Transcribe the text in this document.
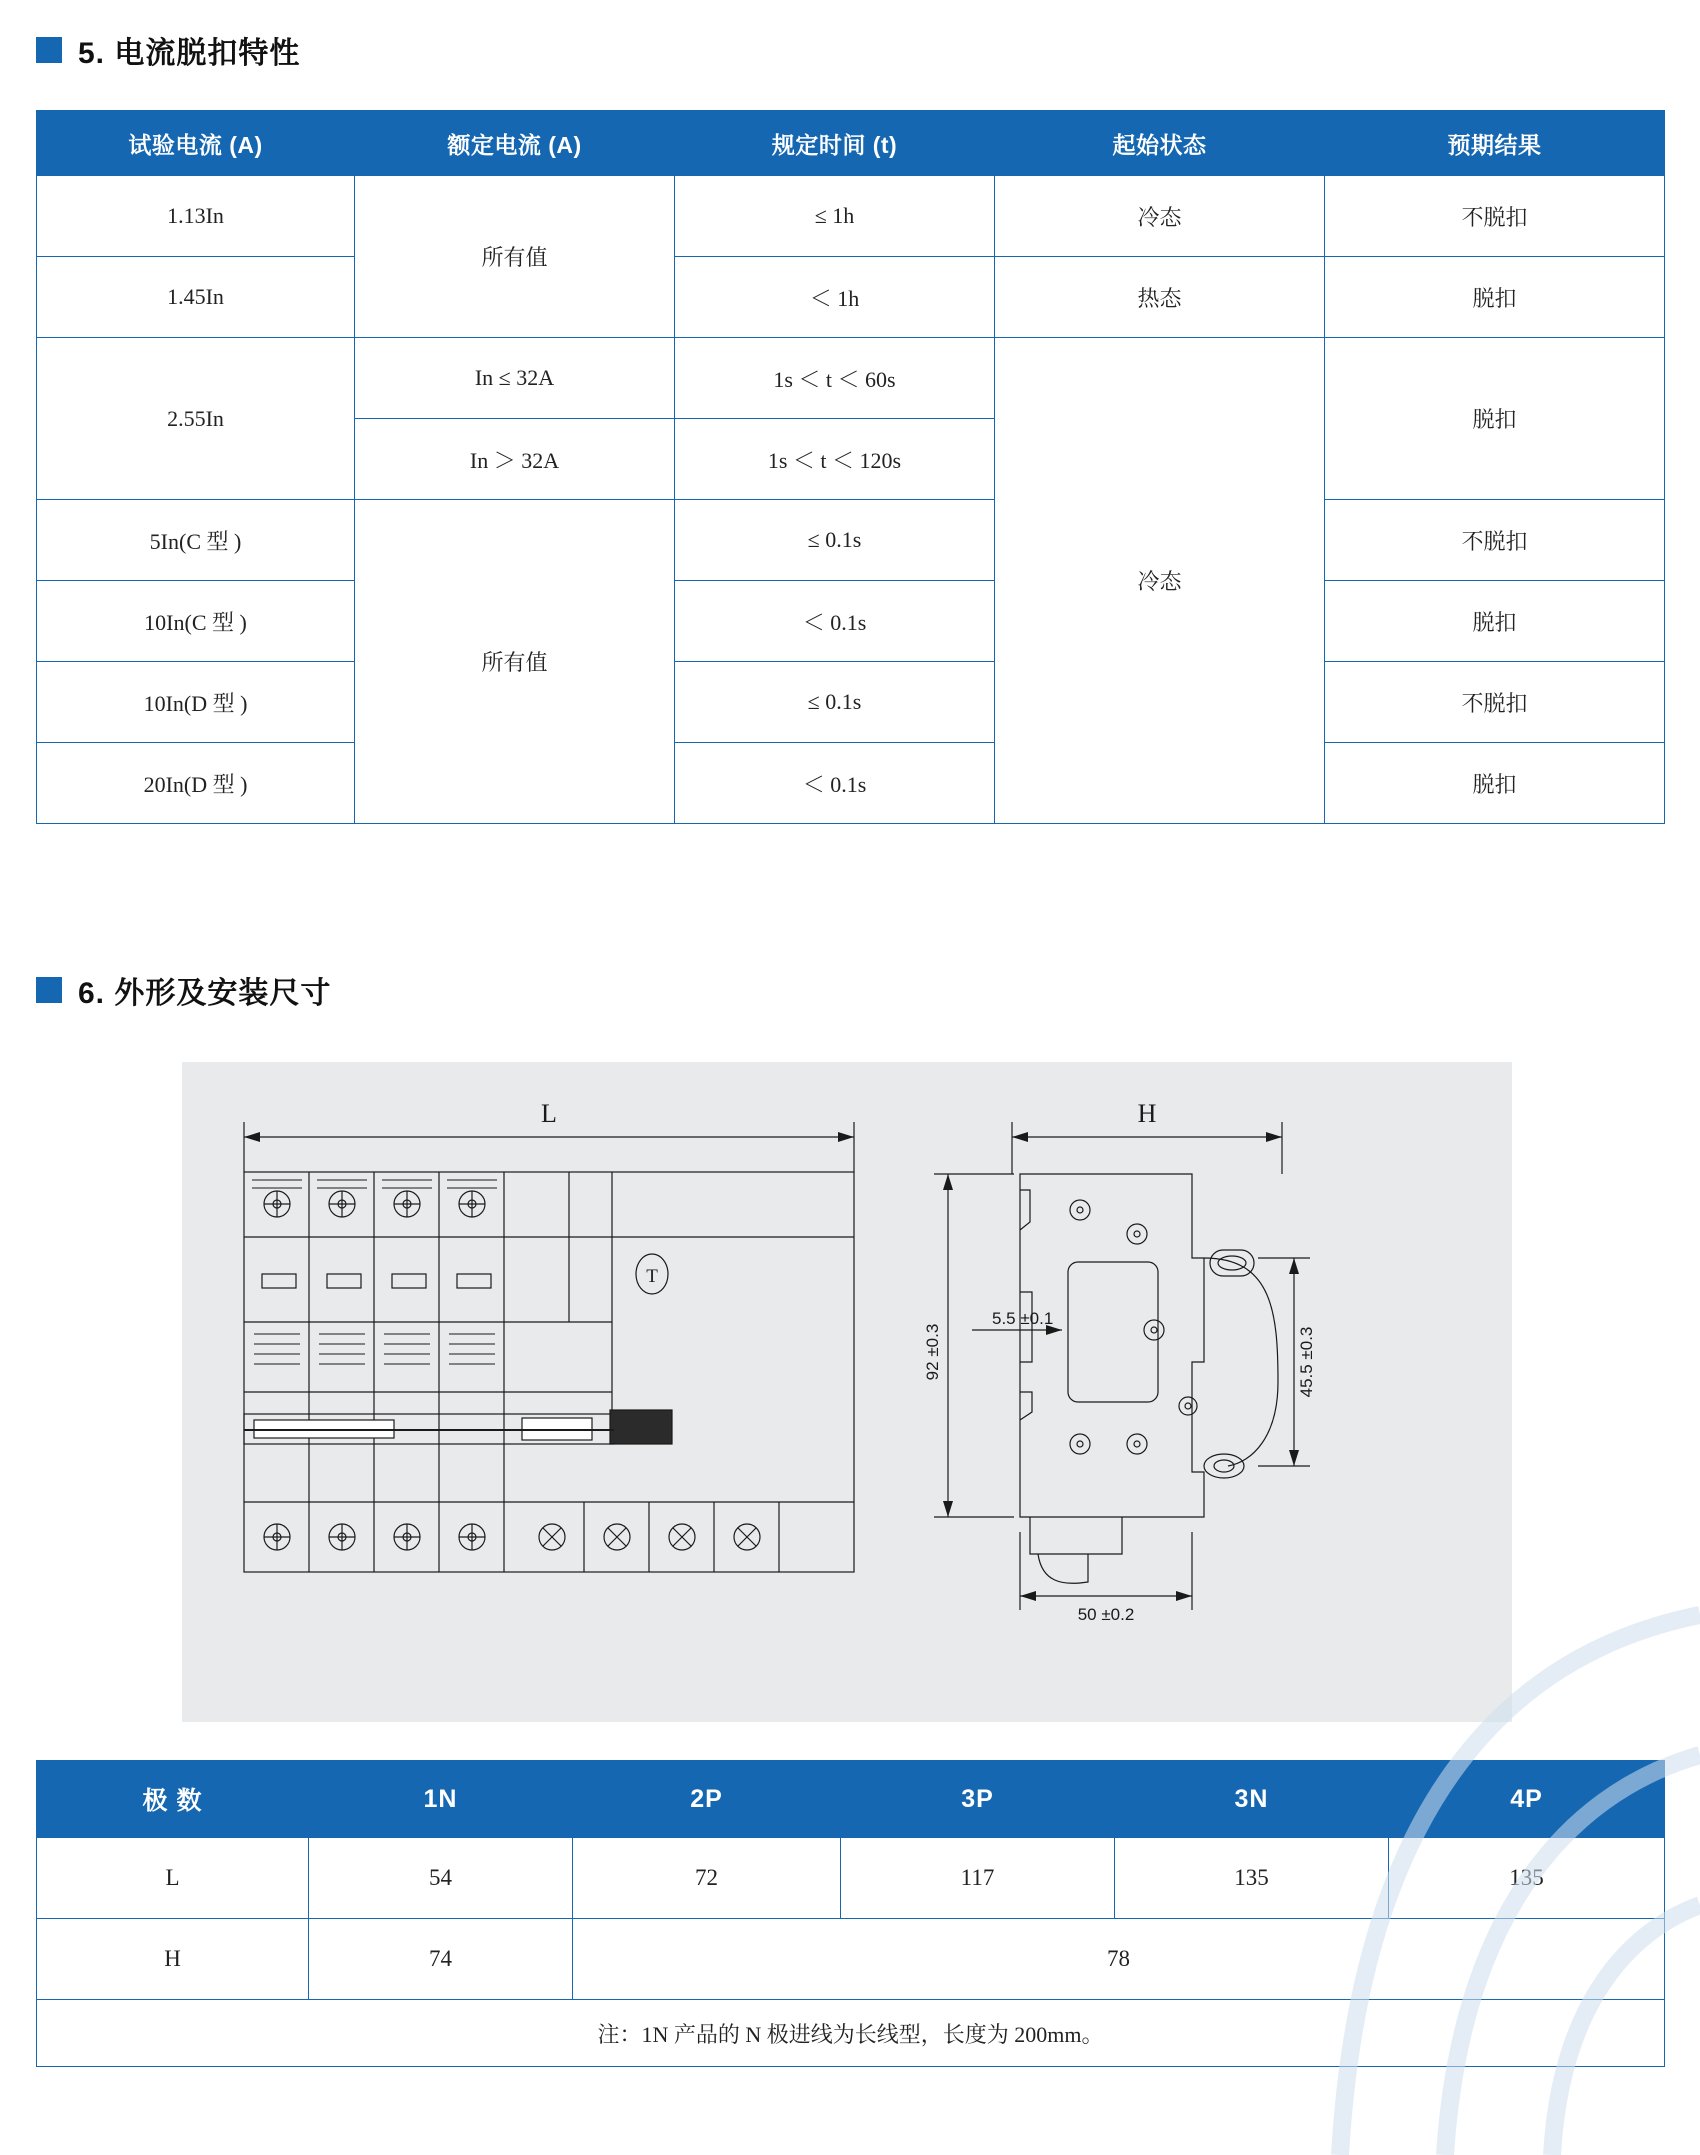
5. 电流脱扣特性
试验电流 (A)	额定电流 (A)	规定时间 (t)	起始状态	预期结果
1.13In	所有值	≤ 1h	冷态	不脱扣
1.45In		＜ 1h	热态	脱扣
2.55In	In ≤ 32A	1s ＜ t ＜ 60s	冷态	脱扣
	In ＞ 32A	1s ＜ t ＜ 120s		
5In(C 型 )	所有值	≤ 0.1s		不脱扣
10In(C 型 )		＜ 0.1s		脱扣
10In(D 型 )		≤ 0.1s		不脱扣
20In(D 型 )		＜ 0.1s		脱扣
6. 外形及安装尺寸
T
92 ±0.3
5.5 ±0.1
45.5 ±0.3
50 ±0.2
L	H
极 数	1N	2P	3P	3N	4P
L	54	72	117	135	135
H	74	78			
注：1N 产品的 N 极进线为长线型，长度为 200mm。					
